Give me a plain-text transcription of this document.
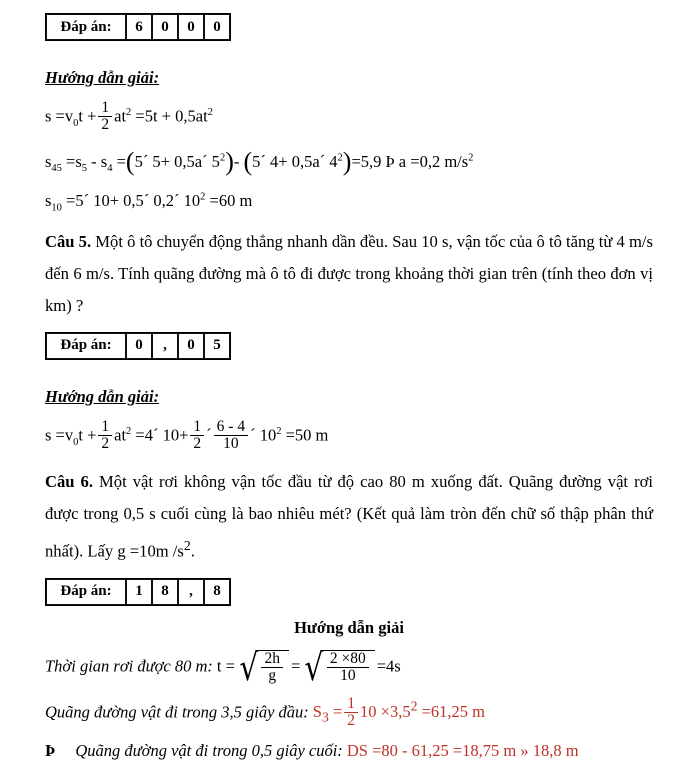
Đáp án:	6	0	0	0
Hướng dẫn giải:
$s =v_0t + \frac{1}{2} at^2 =5t + 0,5at^2$
$s_{45} =s_5 - s_4$ =(5´ 5+ 0,5a´ $5^2)-$ (5´ 4+ 0,5a´ $4^2)=5,9$ Þ a =0,2 $m/s^2$
$s_{10}$ =5´ 10+ 0,5´ 0,2´ $10^2 =60$ m

Câu 5. Một ô tô chuyển động thẳng nhanh dần đều. Sau 10 s, vận tốc của ô tô tăng từ 4 m/s đến 6 m/s. Tính quãng đường mà ô tô đi được trong khoảng thời gian trên (tính theo đơn vị km) ?

Đáp án:	0	,	0	5
Hướng dẫn giải:
$s =v_0t + \frac{1}{2} at^2$ =4´ $10+ \frac{1}{2}$ ´ $\frac{6 - 4}{10}$ ´ $10^2 =50$ m

Câu 6. Một vật rơi không vận tốc đầu từ độ cao 80 m xuống đất. Quãng đường vật rơi được trong 0,5 s cuối cùng là bao nhiêu mét? (Kết quả làm tròn đến chữ số thập phân thứ nhất). Lấy g =10m $/s^2$.

Đáp án:	1	8	,	8
Hướng dẫn giải
Thời gian rơi được 80 m: t = √ $\frac{2h}{g}$ = √ $\frac{2 \times 80}{10} =4s$
Quãng đường vật đi trong 3,5 giây đầu: $S_3 = \frac{1}{2} 10 \times 3,5^2 =61,25$ m
Þ Quãng đường vật đi trong 0,5 giây cuối: DS =80 - 61,25 =18,75 m » 18,8 m
